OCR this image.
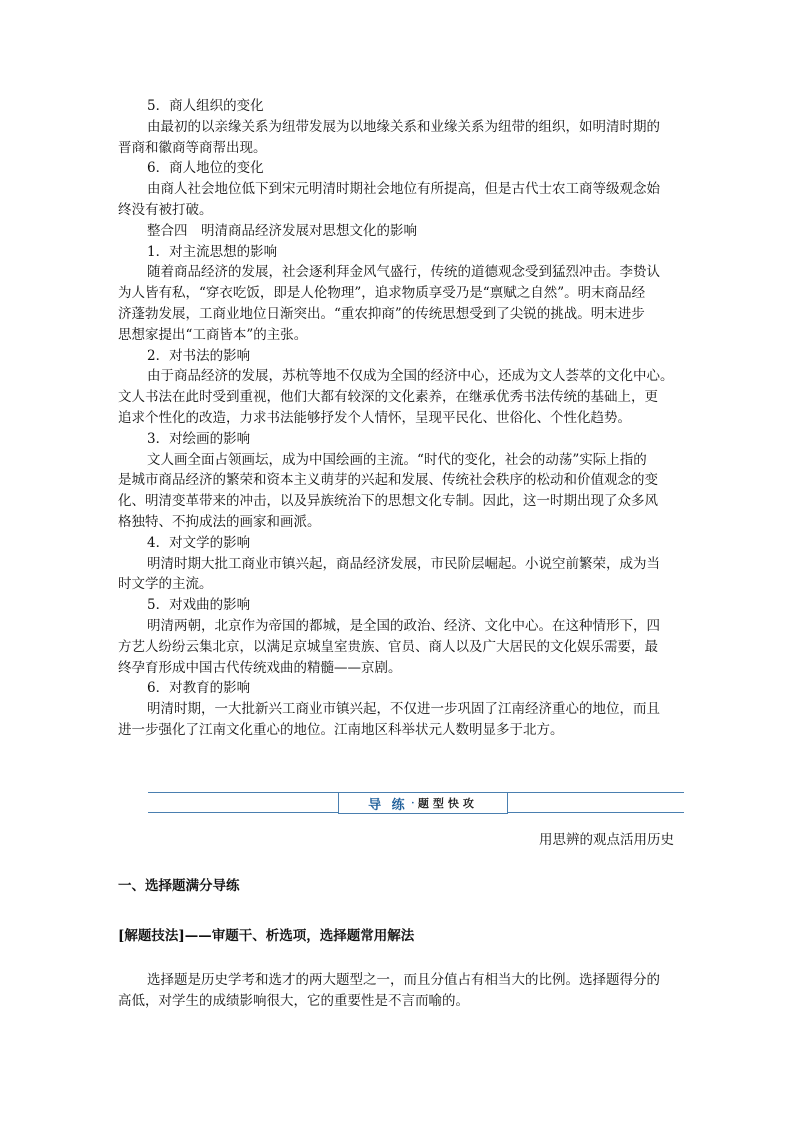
5．商人组织的变化

由最初的以亲缘关系为纽带发展为以地缘关系和业缘关系为纽带的组织，如明清时期的

晋商和徽商等商帮出现。

6．商人地位的变化

由商人社会地位低下到宋元明清时期社会地位有所提高，但是古代士农工商等级观念始

终没有被打破。

整合四　明清商品经济发展对思想文化的影响

1．对主流思想的影响

随着商品经济的发展，社会逐利拜金风气盛行，传统的道德观念受到猛烈冲击。李贽认

为人皆有私，“穿衣吃饭，即是人伦物理”，追求物质享受乃是“禀赋之自然”。明末商品经

济蓬勃发展，工商业地位日渐突出。“重农抑商”的传统思想受到了尖锐的挑战。明末进步

思想家提出“工商皆本”的主张。

2．对书法的影响

由于商品经济的发展，苏杭等地不仅成为全国的经济中心，还成为文人荟萃的文化中心。

文人书法在此时受到重视，他们大都有较深的文化素养，在继承优秀书法传统的基础上，更

追求个性化的改造，力求书法能够抒发个人情怀，呈现平民化、世俗化、个性化趋势。

3．对绘画的影响

文人画全面占领画坛，成为中国绘画的主流。“时代的变化，社会的动荡”实际上指的

是城市商品经济的繁荣和资本主义萌芽的兴起和发展、传统社会秩序的松动和价值观念的变

化、明清变革带来的冲击，以及异族统治下的思想文化专制。因此，这一时期出现了众多风

格独特、不拘成法的画家和画派。

4．对文学的影响

明清时期大批工商业市镇兴起，商品经济发展，市民阶层崛起。小说空前繁荣，成为当

时文学的主流。

5．对戏曲的影响

明清两朝，北京作为帝国的都城，是全国的政治、经济、文化中心。在这种情形下，四

方艺人纷纷云集北京，以满足京城皇室贵族、官员、商人以及广大居民的文化娱乐需要，最

终孕育形成中国古代传统戏曲的精髓——京剧。

6．对教育的影响

明清时期，一大批新兴工商业市镇兴起，不仅进一步巩固了江南经济重心的地位，而且

进一步强化了江南文化重心的地位。江南地区科举状元人数明显多于北方。

导 练 · 题型快攻
用思辨的观点活用历史
一、选择题满分导练
[解题技法]——审题干、析选项，选择题常用解法

选择题是历史学考和选才的两大题型之一，而且分值占有相当大的比例。选择题得分的

高低，对学生的成绩影响很大，它的重要性是不言而喻的。
